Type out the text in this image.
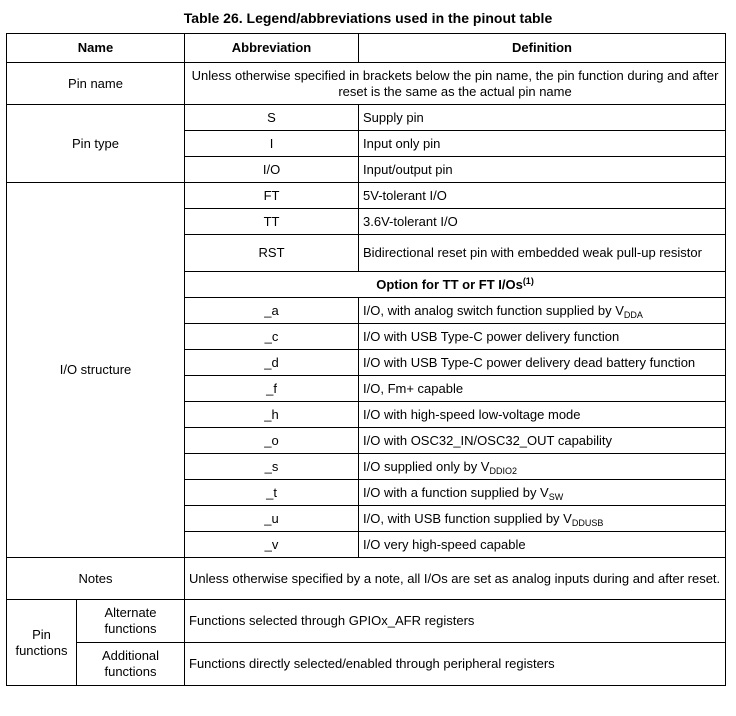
Table 26. Legend/abbreviations used in the pinout table
Name		Abbreviation	Definition
Pin name		Unless otherwise specified in brackets below the pin name, the pin function during and after reset is the same as the actual pin name	
Pin type		S	Supply pin
		I	Input only pin
		I/O	Input/output pin
I/O structure		FT	5V-tolerant I/O
		TT	3.6V-tolerant I/O
		RST	Bidirectional reset pin with embedded weak pull-up resistor
		Option for TT or FT I/Os$^{(1)}$
		_a	I/O, with analog switch function supplied by $V_{DDA}$
		_c	I/O with USB Type-C power delivery function
		_d	I/O with USB Type-C power delivery dead battery function
		_f	I/O, Fm+ capable
		_h	I/O with high-speed low-voltage mode
		_o	I/O with OSC32_IN/OSC32_OUT capability
		_s	I/O supplied only by $V_{DDIO2}$
		_t	I/O with a function supplied by $V_{SW}$
		_u	I/O, with USB function supplied by $V_{DDUSB}$
		_v	I/O very high-speed capable
Notes		Unless otherwise specified by a note, all I/Os are set as analog inputs during and after reset.	
Pin functions	Alternate functions	Functions selected through GPIOx_AFR registers	
	Additional functions	Functions directly selected/enabled through peripheral registers	
